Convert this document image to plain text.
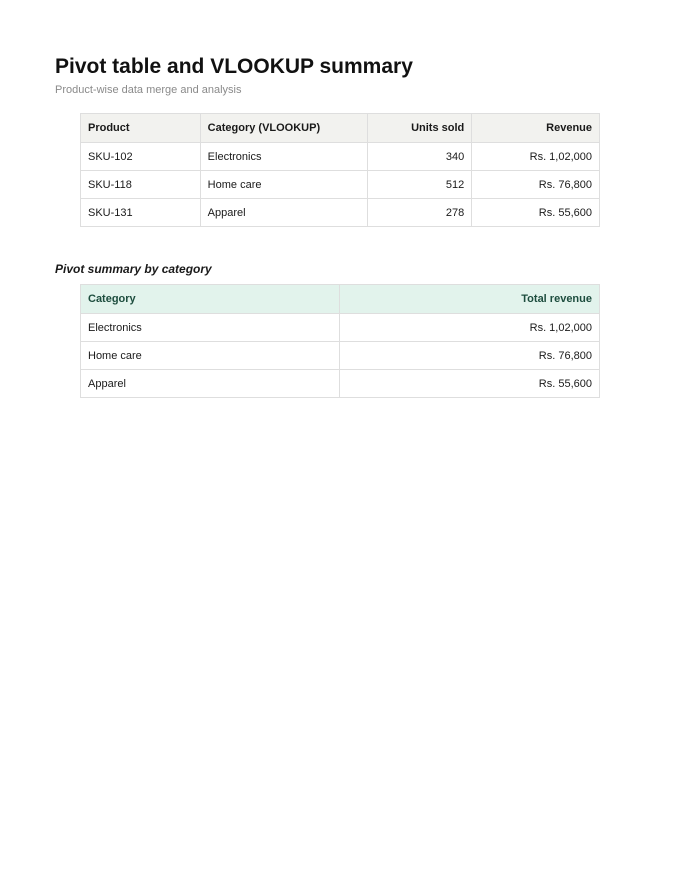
Pivot table and VLOOKUP summary

Product-wise data merge and analysis

Product	Category (VLOOKUP)	Units sold	Revenue
SKU-102	Electronics	340	Rs. 1,02,000
SKU-118	Home care	512	Rs. 76,800
SKU-131	Apparel	278	Rs. 55,600
Pivot summary by category
Category	Total revenue
Electronics	Rs. 1,02,000
Home care	Rs. 76,800
Apparel	Rs. 55,600
